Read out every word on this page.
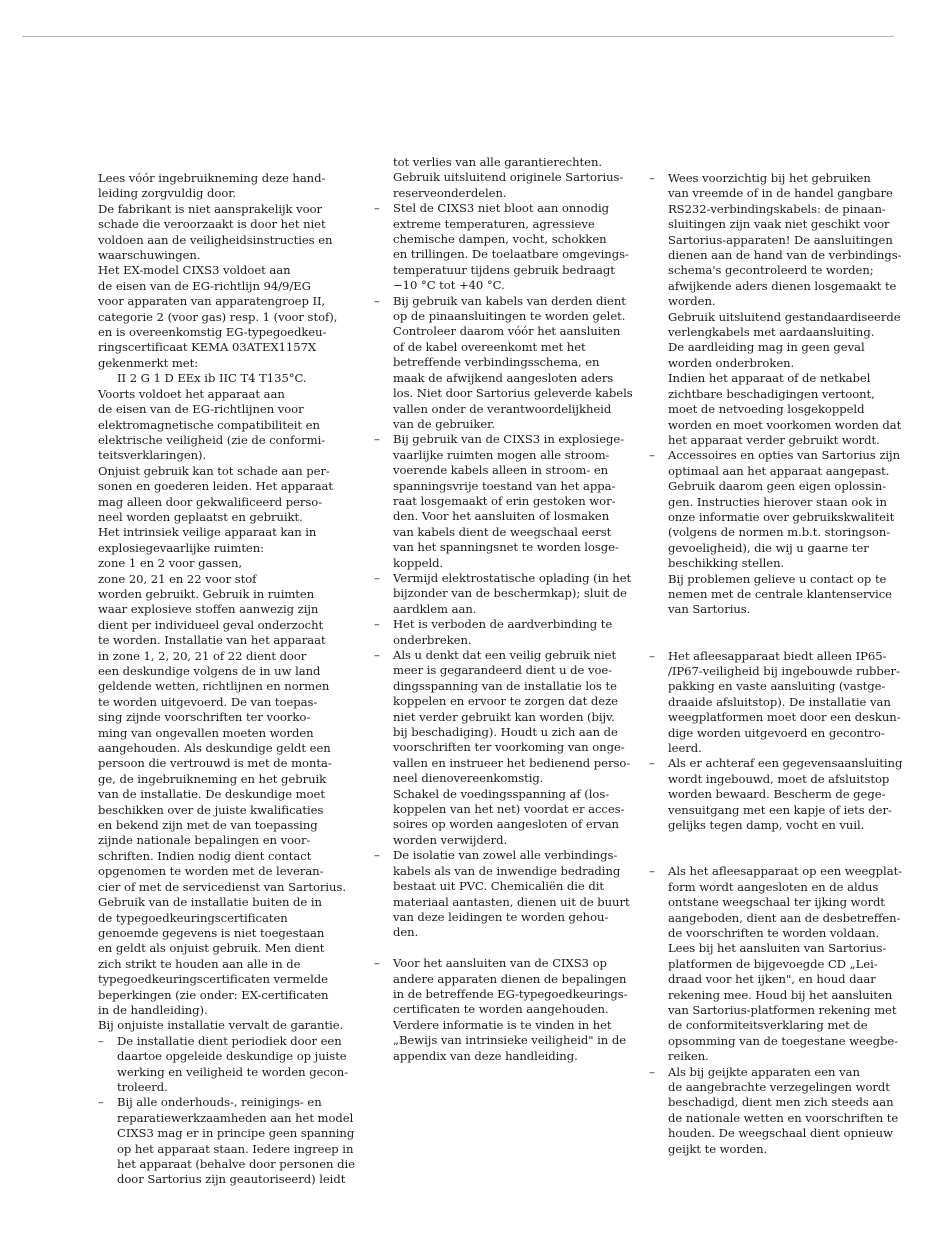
Lees vóór ingebruikneming deze hand-
leiding zorgvuldig door.
De fabrikant is niet aansprakelijk voor
schade die veroorzaakt is door het niet
voldoen aan de veiligheidsinstructies en
waarschuwingen.
Het EX-model CIXS3 voldoet aan
de eisen van de EG-richtlijn 94/9/EG
voor apparaten van apparatengroep II,
categorie 2 (voor gas) resp. 1 (voor stof),
en is overeenkomstig EG-typegoedkeu-
ringscertificaat KEMA 03ATEX1157X
gekenmerkt met:
II 2 G 1 D EEx ib IIC T4 T135°C.
Voorts voldoet het apparaat aan
de eisen van de EG-richtlijnen voor
elektromagnetische compatibiliteit en
elektrische veiligheid (zie de conformi-
teitsverklaringen).
Onjuist gebruik kan tot schade aan per-
sonen en goederen leiden. Het apparaat
mag alleen door gekwalificeerd perso-
neel worden geplaatst en gebruikt.
Het intrinsiek veilige apparaat kan in
explosiegevaarlijke ruimten:
zone 1 en 2 voor gassen,
zone 20, 21 en 22 voor stof
worden gebruikt. Gebruik in ruimten
waar explosieve stoffen aanwezig zijn
dient per individueel geval onderzocht
te worden. Installatie van het apparaat
in zone 1, 2, 20, 21 of 22 dient door
een deskundige volgens de in uw land
geldende wetten, richtlijnen en normen
te worden uitgevoerd. De van toepas-
sing zijnde voorschriften ter voorko-
ming van ongevallen moeten worden
aangehouden. Als deskundige geldt een
persoon die vertrouwd is met de monta-
ge, de ingebruikneming en het gebruik
van de installatie. De deskundige moet
beschikken over de juiste kwalificaties
en bekend zijn met de van toepassing
zijnde nationale bepalingen en voor-
schriften. Indien nodig dient contact
opgenomen te worden met de leveran-
cier of met de servicedienst van Sartorius.
Gebruik van de installatie buiten de in
de typegoedkeuringscertificaten
genoemde gegevens is niet toegestaan
en geldt als onjuist gebruik. Men dient
zich strikt te houden aan alle in de
typegoedkeuringscertificaten vermelde
beperkingen (zie onder: EX-certificaten
in de handleiding).
Bij onjuiste installatie vervalt de garantie.
– De installatie dient periodiek door een
daartoe opgeleide deskundige op juiste
werking en veiligheid te worden gecon-
troleerd.
– Bij alle onderhouds-, reinigings- en
reparatiewerkzaamheden aan het model
CIXS3 mag er in principe geen spanning
op het apparaat staan. Iedere ingreep in
het apparaat (behalve door personen die
door Sartorius zijn geautoriseerd) leidt
tot verlies van alle garantierechten.
Gebruik uitsluitend originele Sartorius-
reserveonderdelen.
– Stel de CIXS3 niet bloot aan onnodig
extreme temperaturen, agressieve
chemische dampen, vocht, schokken
en trillingen. De toelaatbare omgevings-
temperatuur tijdens gebruik bedraagt
−10 °C tot +40 °C.
– Bij gebruik van kabels van derden dient
op de pinaansluitingen te worden gelet.
Controleer daarom vóór het aansluiten
of de kabel overeenkomt met het
betreffende verbindingsschema, en
maak de afwijkend aangesloten aders
los. Niet door Sartorius geleverde kabels
vallen onder de verantwoordelijkheid
van de gebruiker.
– Bij gebruik van de CIXS3 in explosiege-
vaarlijke ruimten mogen alle stroom-
voerende kabels alleen in stroom- en
spanningsvrije toestand van het appa-
raat losgemaakt of erin gestoken wor-
den. Voor het aansluiten of losmaken
van kabels dient de weegschaal eerst
van het spanningsnet te worden losge-
koppeld.
– Vermijd elektrostatische oplading (in het
bijzonder van de beschermkap); sluit de
aardklem aan.
– Het is verboden de aardverbinding te
onderbreken.
– Als u denkt dat een veilig gebruik niet
meer is gegarandeerd dient u de voe-
dingsspanning van de installatie los te
koppelen en ervoor te zorgen dat deze
niet verder gebruikt kan worden (bijv.
bij beschadiging). Houdt u zich aan de
voorschriften ter voorkoming van onge-
vallen en instrueer het bedienend perso-
neel dienovereenkomstig.
Schakel de voedingsspanning af (los-
koppelen van het net) voordat er acces-
soires op worden aangesloten of ervan
worden verwijderd.
– De isolatie van zowel alle verbindings-
kabels als van de inwendige bedrading
bestaat uit PVC. Chemicaliën die dit
materiaal aantasten, dienen uit de buurt
van deze leidingen te worden gehou-
den.
– Voor het aansluiten van de CIXS3 op
andere apparaten dienen de bepalingen
in de betreffende EG-typegoedkeurings-
certificaten te worden aangehouden.
Verdere informatie is te vinden in het
„Bewijs van intrinsieke veiligheid" in de
appendix van deze handleiding.
– Wees voorzichtig bij het gebruiken
van vreemde of in de handel gangbare
RS232-verbindingskabels: de pinaan-
sluitingen zijn vaak niet geschikt voor
Sartorius-apparaten! De aansluitingen
dienen aan de hand van de verbindings-
schema's gecontroleerd te worden;
afwijkende aders dienen losgemaakt te
worden.
Gebruik uitsluitend gestandaardiseerde
verlengkabels met aardaansluiting.
De aardleiding mag in geen geval
worden onderbroken.
Indien het apparaat of de netkabel
zichtbare beschadigingen vertoont,
moet de netvoeding losgekoppeld
worden en moet voorkomen worden dat
het apparaat verder gebruikt wordt.
– Accessoires en opties van Sartorius zijn
optimaal aan het apparaat aangepast.
Gebruik daarom geen eigen oplossin-
gen. Instructies hierover staan ook in
onze informatie over gebruikskwaliteit
(volgens de normen m.b.t. storingson-
gevoeligheid), die wij u gaarne ter
beschikking stellen.
Bij problemen gelieve u contact op te
nemen met de centrale klantenservice
van Sartorius.
– Het afleesapparaat biedt alleen IP65-
/IP67-veiligheid bij ingebouwde rubber-
pakking en vaste aansluiting (vastge-
draaide afsluitstop). De installatie van
weegplatformen moet door een deskun-
dige worden uitgevoerd en gecontro-
leerd.
– Als er achteraf een gegevensaansluiting
wordt ingebouwd, moet de afsluitstop
worden bewaard. Bescherm de gege-
vensuitgang met een kapje of iets der-
gelijks tegen damp, vocht en vuil.
– Als het afleesapparaat op een weegplat-
form wordt aangesloten en de aldus
ontstane weegschaal ter ijking wordt
aangeboden, dient aan de desbetreffen-
de voorschriften te worden voldaan.
Lees bij het aansluiten van Sartorius-
platformen de bijgevoegde CD „Lei-
draad voor het ijken", en houd daar
rekening mee. Houd bij het aansluiten
van Sartorius-platformen rekening met
de conformiteitsverklaring met de
opsomming van de toegestane weegbe-
reiken.
– Als bij geijkte apparaten een van
de aangebrachte verzegelingen wordt
beschadigd, dient men zich steeds aan
de nationale wetten en voorschriften te
houden. De weegschaal dient opnieuw
geijkt te worden.
